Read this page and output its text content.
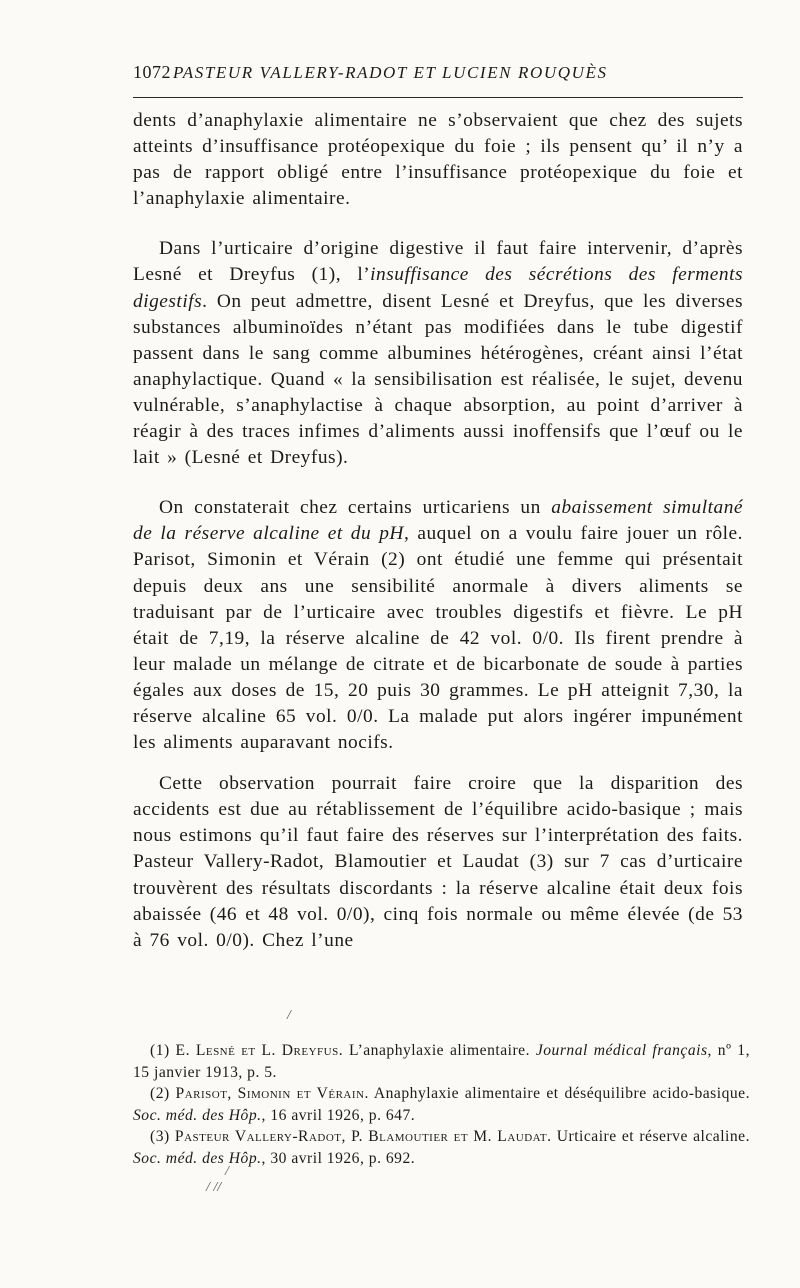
1072 PASTEUR VALLERY-RADOT ET LUCIEN ROUQUÈS

dents d’anaphylaxie alimentaire ne s’observaient que chez des sujets atteints d’insuffisance protéopexique du foie ; ils pensent qu’ il n’y a pas de rapport obligé entre l’insuffisance protéopexique du foie et l’anaphylaxie alimentaire.

Dans l’urticaire d’origine digestive il faut faire intervenir, d’après Lesné et Dreyfus (1), l’insuffisance des sécrétions des ferments digestifs. On peut admettre, disent Lesné et Dreyfus, que les diverses substances albuminoïdes n’étant pas modifiées dans le tube digestif passent dans le sang comme albumines hétérogènes, créant ainsi l’état anaphylactique. Quand « la sensibilisation est réalisée, le sujet, devenu vulnérable, s’anaphylactise à chaque absorption, au point d’arriver à réagir à des traces infimes d’aliments aussi inoffensifs que l’œuf ou le lait » (Lesné et Dreyfus).

On constaterait chez certains urticariens un abaissement simultané de la réserve alcaline et du pH, auquel on a voulu faire jouer un rôle. Parisot, Simonin et Vérain (2) ont étudié une femme qui présentait depuis deux ans une sensibilité anormale à divers aliments se traduisant par de l’urticaire avec troubles digestifs et fièvre. Le pH était de 7,19, la réserve alcaline de 42 vol. 0/0. Ils firent prendre à leur malade un mélange de citrate et de bicarbonate de soude à parties égales aux doses de 15, 20 puis 30 grammes. Le pH atteignit 7,30, la réserve alcaline 65 vol. 0/0. La malade put alors ingérer impunément les aliments auparavant nocifs.

Cette observation pourrait faire croire que la disparition des accidents est due au rétablissement de l’équilibre acido-basique ; mais nous estimons qu’il faut faire des réserves sur l’interprétation des faits. Pasteur Vallery-Radot, Blamoutier et Laudat (3) sur 7 cas d’urticaire trouvèrent des résultats discordants : la réserve alcaline était deux fois abaissée (46 et 48 vol. 0/0), cinq fois normale ou même élevée (de 53 à 76 vol. 0/0). Chez l’une

/

(1) E. Lesné et L. Dreyfus. L’anaphylaxie alimentaire. Journal médical français, nº 1, 15 janvier 1913, p. 5.

(2) Parisot, Simonin et Vérain. Anaphylaxie alimentaire et déséquilibre acido-basique. Soc. méd. des Hôp., 16 avril 1926, p. 647.

(3) Pasteur Vallery-Radot, P. Blamoutier et M. Laudat. Urticaire et réserve alcaline. Soc. méd. des Hôp., 30 avril 1926, p. 692.

/
/ //
